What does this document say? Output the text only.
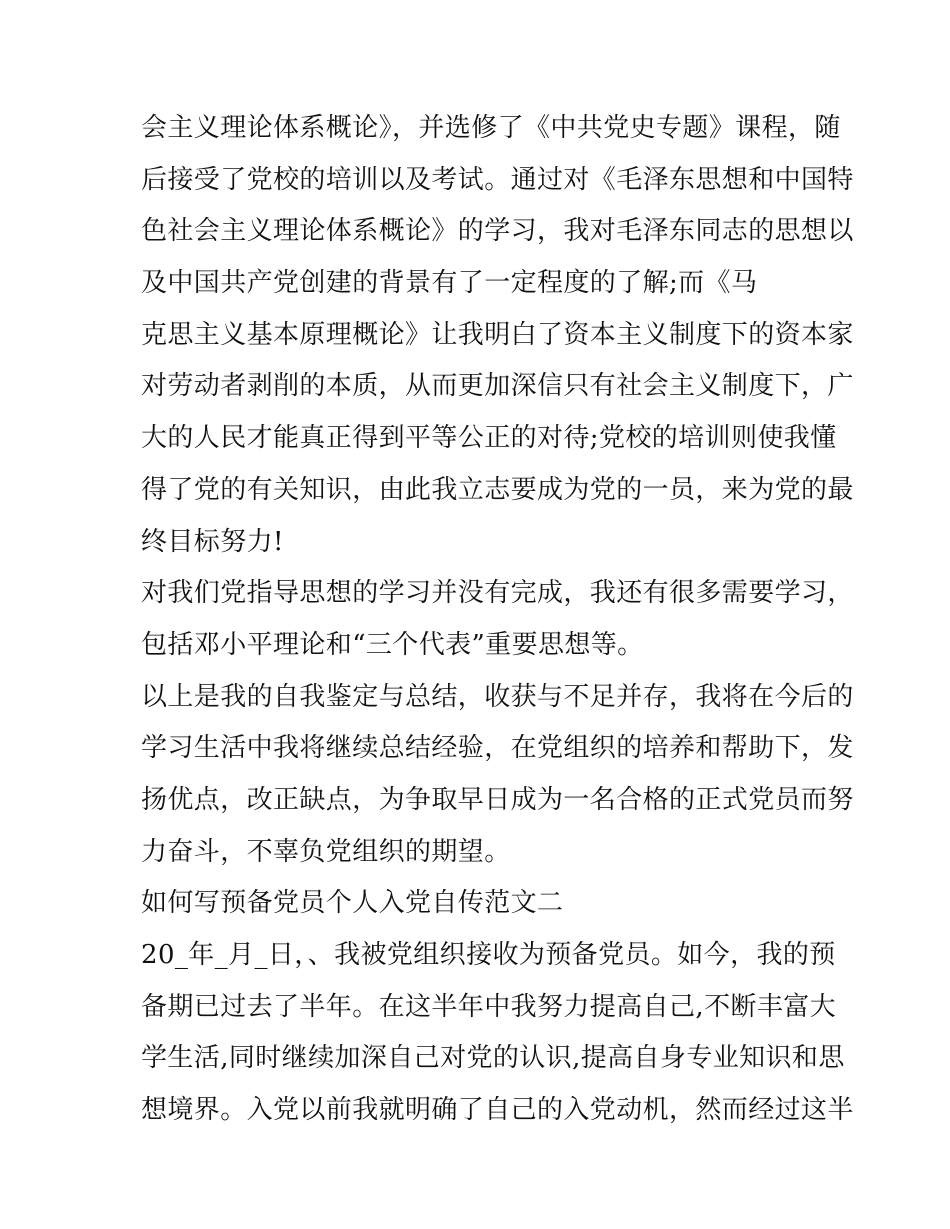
会主义理论体系概论》，并选修了《中共党史专题》课程，随
后接受了党校的培训以及考试。通过对《毛泽东思想和中国特
色社会主义理论体系概论》的学习，我对毛泽东同志的思想以
及中国共产党创建的背景有了一定程度的了解;而《马
克思主义基本原理概论》让我明白了资本主义制度下的资本家
对劳动者剥削的本质，从而更加深信只有社会主义制度下，广
大的人民才能真正得到平等公正的对待;党校的培训则使我懂
得了党的有关知识，由此我立志要成为党的一员，来为党的最
终目标努力!
对我们党指导思想的学习并没有完成，我还有很多需要学习，
包括邓小平理论和“三个代表”重要思想等。
以上是我的自我鉴定与总结，收获与不足并存，我将在今后的
学习生活中我将继续总结经验，在党组织的培养和帮助下，发
扬优点，改正缺点，为争取早日成为一名合格的正式党员而努
力奋斗，不辜负党组织的期望。
如何写预备党员个人入党自传范文二
20_年_月_日，、我被党组织接收为预备党员。如今，我的预
备期已过去了半年。在这半年中我努力提高自己,不断丰富大
学生活,同时继续加深自己对党的认识,提高自身专业知识和思
想境界。入党以前我就明确了自己的入党动机，然而经过这半
